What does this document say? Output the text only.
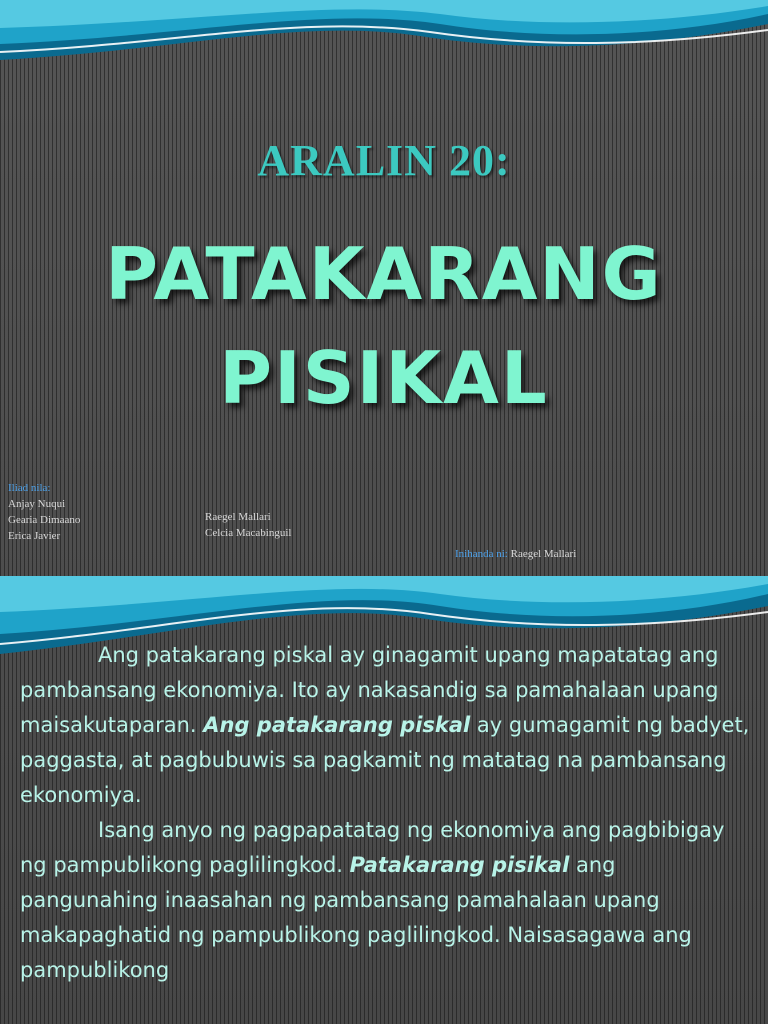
ARALIN 20:
PATAKARANG
PISIKAL
Iliad nila:
Anjay Nuqui
Gearia Dimaano
Erica Javier
Raegel Mallari
Celcia Macabinguil
Inihanda ni: Raegel Mallari

Ang patakarang piskal ay ginagamit upang mapatatag ang pambansang ekonomiya. Ito ay nakasandig sa pamahalaan upang maisakutaparan. Ang patakarang piskal ay gumagamit ng badyet, paggasta, at pagbubuwis sa pagkamit ng matatag na pambansang ekonomiya.

Isang anyo ng pagpapatatag ng ekonomiya ang pagbibigay ng pampublikong paglilingkod. Patakarang pisikal ang pangunahing inaasahan ng pambansang pamahalaan upang makapaghatid ng pampublikong paglilingkod. Naisasagawa ang pampublikong
